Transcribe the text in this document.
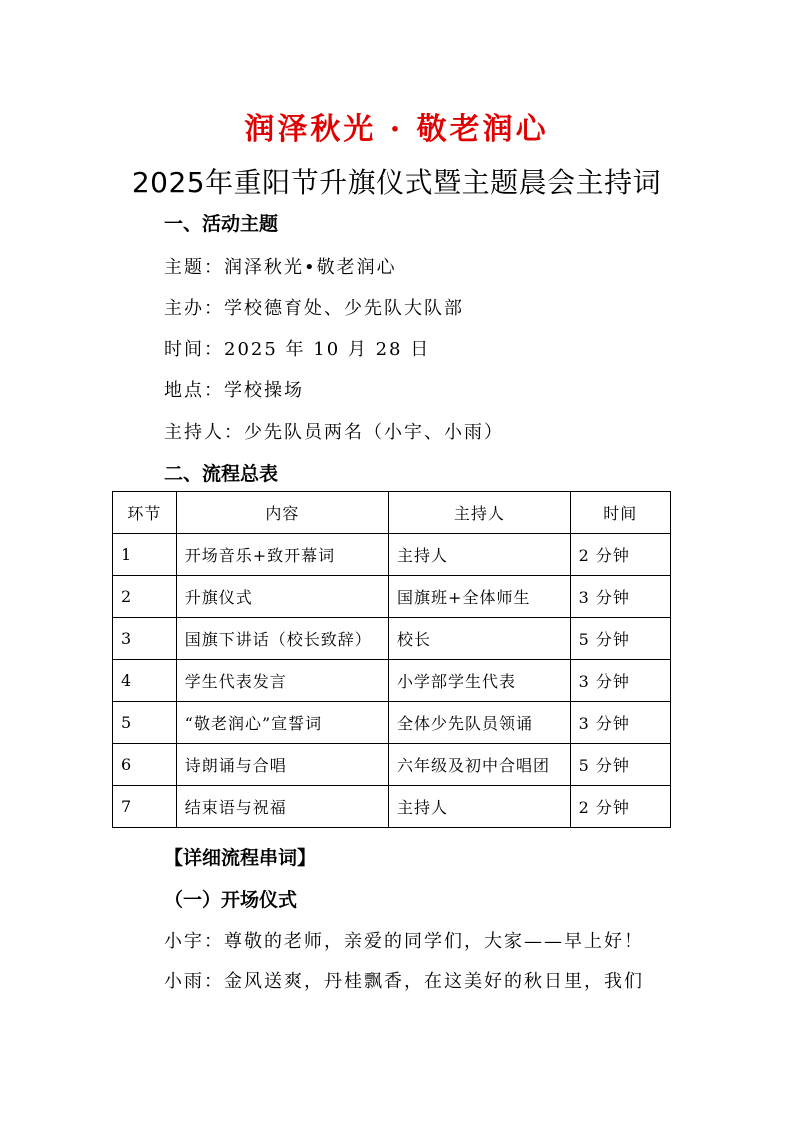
润泽秋光 · 敬老润心
2025年重阳节升旗仪式暨主题晨会主持词
一、活动主题
主题：润泽秋光•敬老润心
主办：学校德育处、少先队大队部
时间：2025 年 10 月 28 日
地点：学校操场
主持人：少先队员两名（小宇、小雨）
二、流程总表
环节	内容	主持人	时间
1	开场音乐+致开幕词	主持人	2 分钟
2	升旗仪式	国旗班+全体师生	3 分钟
3	国旗下讲话（校长致辞）	校长	5 分钟
4	学生代表发言	小学部学生代表	3 分钟
5	“敬老润心”宣誓词	全体少先队员领诵	3 分钟
6	诗朗诵与合唱	六年级及初中合唱团	5 分钟
7	结束语与祝福	主持人	2 分钟
【详细流程串词】
（一）开场仪式
小宇：尊敬的老师，亲爱的同学们，大家——早上好！
小雨：金风送爽，丹桂飘香，在这美好的秋日里，我们
